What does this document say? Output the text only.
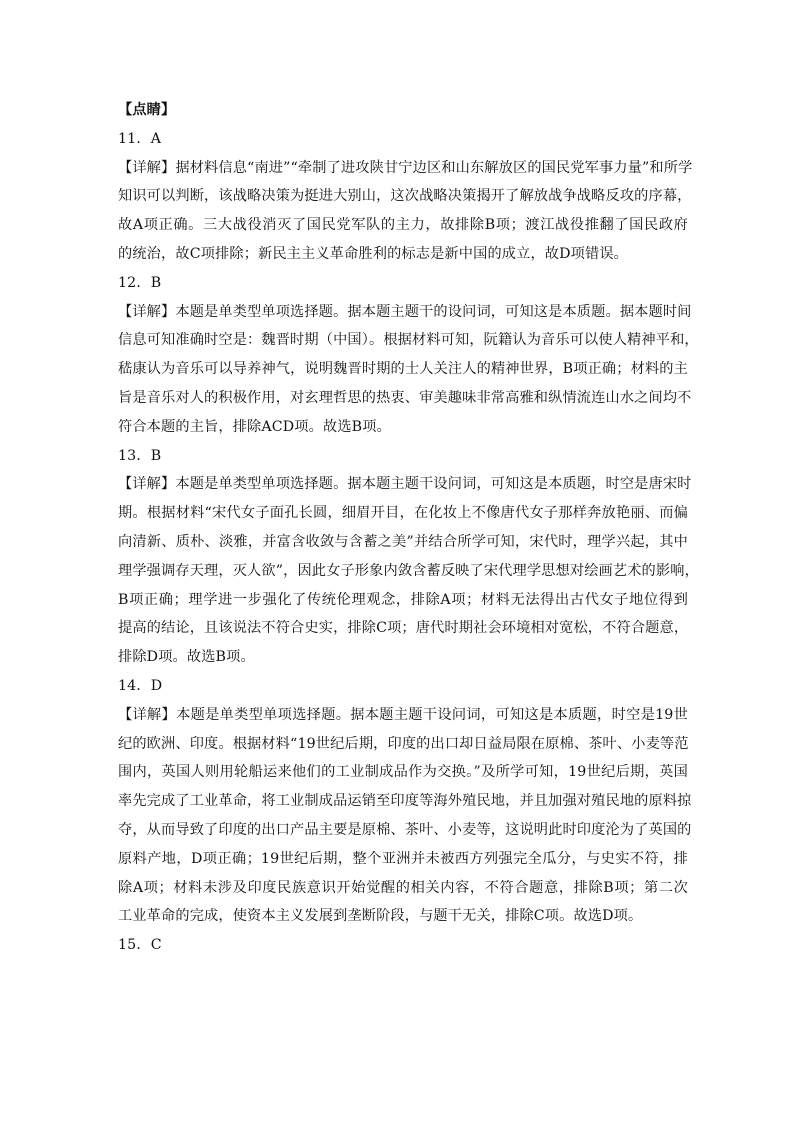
【点睛】
11．A
【详解】据材料信息“南进”“牵制了进攻陕甘宁边区和山东解放区的国民党军事力量”和所学
知识可以判断，该战略决策为挺进大别山，这次战略决策揭开了解放战争战略反攻的序幕，
故A项正确。三大战役消灭了国民党军队的主力，故排除B项；渡江战役推翻了国民政府
的统治，故C项排除；新民主主义革命胜利的标志是新中国的成立，故D项错误。
12．B
【详解】本题是单类型单项选择题。据本题主题干的设问词，可知这是本质题。据本题时间
信息可知准确时空是：魏晋时期（中国）。根据材料可知，阮籍认为音乐可以使人精神平和，
嵇康认为音乐可以导养神气，说明魏晋时期的士人关注人的精神世界，B项正确；材料的主
旨是音乐对人的积极作用，对玄理哲思的热衷、审美趣味非常高雅和纵情流连山水之间均不
符合本题的主旨，排除ACD项。故选B项。
13．B
【详解】本题是单类型单项选择题。据本题主题干设问词，可知这是本质题，时空是唐宋时
期。根据材料“宋代女子面孔长圆，细眉开目，在化妆上不像唐代女子那样奔放艳丽、而偏
向清新、质朴、淡雅，并富含收敛与含蓄之美”并结合所学可知，宋代时，理学兴起，其中
理学强调存天理，灭人欲”，因此女子形象内敛含蓄反映了宋代理学思想对绘画艺术的影响，
B项正确；理学进一步强化了传统伦理观念，排除A项；材料无法得出古代女子地位得到
提高的结论，且该说法不符合史实，排除C项；唐代时期社会环境相对宽松，不符合题意，
排除D项。故选B项。
14．D
【详解】本题是单类型单项选择题。据本题主题干设问词，可知这是本质题，时空是19世
纪的欧洲、印度。根据材料“19世纪后期，印度的出口却日益局限在原棉、茶叶、小麦等范
围内，英国人则用轮船运来他们的工业制成品作为交换。”及所学可知，19世纪后期，英国
率先完成了工业革命，将工业制成品运销至印度等海外殖民地，并且加强对殖民地的原料掠
夺，从而导致了印度的出口产品主要是原棉、茶叶、小麦等，这说明此时印度沦为了英国的
原料产地，D项正确；19世纪后期，整个亚洲并未被西方列强完全瓜分，与史实不符，排
除A项；材料未涉及印度民族意识开始觉醒的相关内容，不符合题意，排除B项；第二次
工业革命的完成，使资本主义发展到垄断阶段，与题干无关，排除C项。故选D项。
15．C
